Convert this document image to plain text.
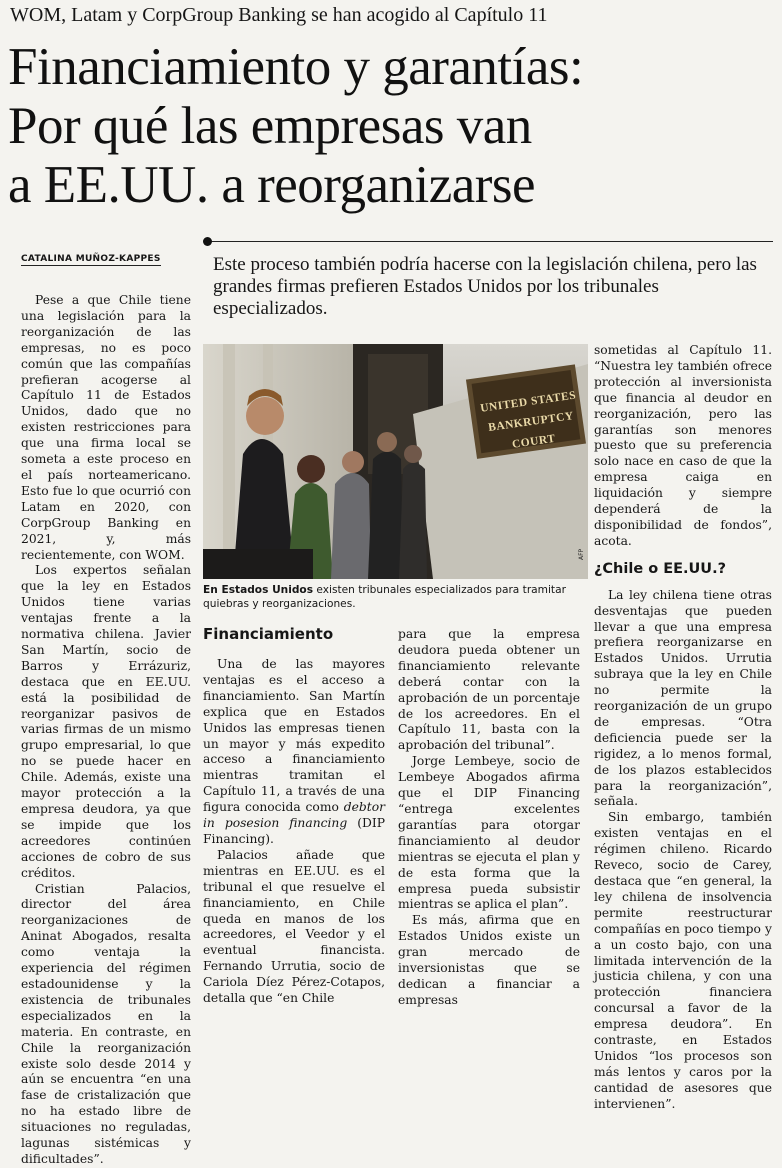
WOM, Latam y CorpGroup Banking se han acogido al Capítulo 11
Financiamiento y garantías:
Por qué las empresas van
a EE.UU. a reorganizarse
CATALINA MUÑOZ-KAPPES	Este proceso también podría hacerse con la legislación chilena, pero las grandes firmas prefieren Estados Unidos por los tribunales especializados.

Pese a que Chile tiene una legislación para la reorganización de las empresas, no es poco común que las compañías prefieran acogerse al Capítulo 11 de Estados Unidos, dado que no existen restricciones para que una firma local se someta a este proceso en el país norteamericano. Esto fue lo que ocurrió con Latam en 2020, con CorpGroup Banking en 2021, y, más recientemente, con WOM.

Los expertos señalan que la ley en Estados Unidos tiene varias ventajas frente a la normativa chilena. Javier San Martín, socio de Barros y Errázuriz, destaca que en EE.UU. está la posibilidad de reorganizar pasivos de varias firmas de un mismo grupo empresarial, lo que no se puede hacer en Chile. Además, existe una mayor protección a la empresa deudora, ya que se impide que los acreedores continúen acciones de cobro de sus créditos.

Cristian Palacios, director del área reorganizaciones de Aninat Abogados, resalta como ventaja la experiencia del régimen estadounidense y la existencia de tribunales especializados en la materia. En contraste, en Chile la reorganización existe solo desde 2014 y aún se encuentra “en una fase de cristalización que no ha estado libre de situaciones no reguladas, lagunas sistémicas y dificultades”.

UNITED STATES
BANKRUPTCY COURT
AFP
En Estados Unidos existen tribunales especializados para tramitar quiebras y reorganizaciones.
Financiamiento

Una de las mayores ventajas es el acceso a financiamiento. San Martín explica que en Estados Unidos las empresas tienen un mayor y más expedito acceso a financiamiento mientras tramitan el Capítulo 11, a través de una figura conocida como debtor in posesion financing (DIP Financing).

Palacios añade que mientras en EE.UU. es el tribunal el que resuelve el financiamiento, en Chile queda en manos de los acreedores, el Veedor y el eventual financista. Fernando Urrutia, socio de Cariola Díez Pérez-Cotapos, detalla que “en Chile

para que la empresa deudora pueda obtener un financiamiento relevante deberá contar con la aprobación de un porcentaje de los acreedores. En el Capítulo 11, basta con la aprobación del tribunal”.

Jorge Lembeye, socio de Lembeye Abogados afirma que el DIP Financing “entrega excelentes garantías para otorgar financiamiento al deudor mientras se ejecuta el plan y de esta forma que la empresa pueda subsistir mientras se aplica el plan”.

Es más, afirma que en Estados Unidos existe un gran mercado de inversionistas que se dedican a financiar a empresas

sometidas al Capítulo 11. “Nuestra ley también ofrece protección al inversionista que financia al deudor en reorganización, pero las garantías son menores puesto que su preferencia solo nace en caso de que la empresa caiga en liquidación y siempre dependerá de la disponibilidad de fondos”, acota.

¿Chile o EE.UU.?

La ley chilena tiene otras desventajas que pueden llevar a que una empresa prefiera reorganizarse en Estados Unidos. Urrutia subraya que la ley en Chile no permite la reorganización de un grupo de empresas. “Otra deficiencia puede ser la rigidez, a lo menos formal, de los plazos establecidos para la reorganización”, señala.

Sin embargo, también existen ventajas en el régimen chileno. Ricardo Reveco, socio de Carey, destaca que “en general, la ley chilena de insolvencia permite reestructurar compañías en poco tiempo y a un costo bajo, con una limitada intervención de la justicia chilena, y con una protección financiera concursal a favor de la empresa deudora”. En contraste, en Estados Unidos “los procesos son más lentos y caros por la cantidad de asesores que intervienen”.
